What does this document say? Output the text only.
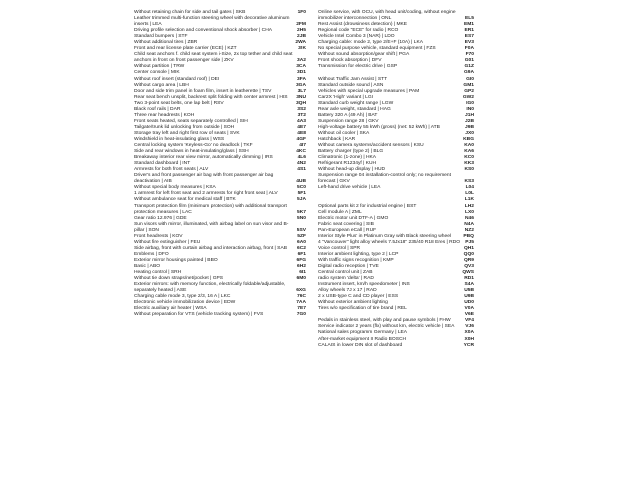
Without retaining chain for side and tail gates | SKB	1F0
Leather trimmed multi-function steering wheel with decorative aluminum inserts | LEA	2FM
Driving profile selection and conventional shock absorber | CHA	2H5
Standard bumpers | STF	2JB
Without additional tires | ZBR	2WA
Front and rear license plate carrier (ECE) | KZT	3!K
Child seat anchors f. child seat system i-Size, 2x top tether and child seat anchors in front on front passenger side | ZKV	3A2
Without partition | TRW	3CA
Center console | MIK	3D1
Without roof insert (standard roof) | DEI	3FA
Without cargo area | LBH	3GA
Door and side trim panel in foam film, insert in leatherette | TSV	3L7
Rear seat bench unsplit, backrest split folding with center armrest | HIS	3NU
Two 3-point seat belts, one lap belt | RSV	3QH
Black roof rails | DAR	3S2
Three rear headrests | KOH	3T2
Front seats heated, seats separately controlled | SIH	4A3
Tailgate/trunk lid unlocking from outside | SOH	4E7
Storage tray left and right first row of seats | SVK	4E8
Windshield in heat-insulating glass | WSS	4GF
Central locking system 'Keyless-Go' no deadlock | TKF	4I7
Side and rear windows in heat-insulating/glass | SSH	4KC
Breakaway interior rear view mirror, automatically dimming | IRS	4L6
Standard dashboard | INT	4N2
Armrests for both front seats | ALV	4S1
Driver's and front passenger air bag with front passenger air bag deactivation | AIB	4UB
Without special body measures | KSA	5C0
1 armrest for left front seat and 2 armrests for right front seat | ALV	5F1
Without ambulance seat for medical staff | BTK	5JA
Transport protection film (minimum protection) with additional transport protection measures | LAC	5K7
Gear ratio 12.976 | GDE	5N0
Sun visors with mirror, illuminated, with airbag label on sun visor and B-pillar | SON	5SV
Front headrests | KOV	5ZF
Without fire extinguisher | FEU	6A0
Side airbag, front with curtain airbag and interaction airbag, front | SAB	6C2
Emblems | DFO	6F1
Exterior mirror housings painted | BBO	6FG
Basic | ABO	6H2
Heating control | SRH	6I1
Without tie down straps/net/pocket | GPS	6M0
Exterior mirrors: with memory function, electrically foldable/adjustable, separately heated | ASE	6XG
Charging cable mode 3, type 2/3, 16 A | LKC	76C
Electronic vehicle immobilization device | EDW	7AA
Electric auxiliary air heater | WSA	7E7
Without preparation for VTS (vehicle tracking system) | FVS	7G0
Online service, with OCU, with head unit/coding, without engine immobilizer interconnection | ONL	EL5
Rest Assist (drowsiness detection) | MKE	EM1
Regional code "ECE" for radio | RCO	ER1
Vehicle Intel Combo 3 (NAR) | LDO	ES7
Charging cable: mode 2, type 2/E+F (10A) | LKA	EV3
No special purpose vehicle, standard equipment | FZS	F0A
Without sound absorption/gear shift | PGA	F70
Front shock absorption | DFV	G01
Transmission for electric drive | GSP	G1Z
G9A
Without Traffic Jam Assist | STT	GI0
Standard outside sound | ASN	GM1
Vehicles with special upgrade measures | PAM	GP2
Car2X 'High' variant | LGI	GW2
Standard curb weight range | LGW	IG0
Rear axle weight, standard | HAG	IN0
Battery 320 A (49 Ah) | BAT	J1H
Suspension range 28 | GKV	J2B
High-voltage battery 55 kWh (gross) (net: 52 kWh) | ATB	J9B
Without oil cooler | SKA	JX0
Hatchback | KAR	KBG
Without camera systems/accident sensors | KSU	KA0
Battery charger (type 2) | BLG	KA6
Climatronic (1-zone) | HKA	KC0
Refrigerant R1234yf | KUH	KK3
Without head-up display | HUD	KS0
Suspension range 04 installation-control only; no requirement forecast | GKV	KS3
Left-hand drive vehicle | LEA	L04
L0L
L1K
Optional parts kit 2 for industrial engine | BST	LH2
Cell module A | ZML	LX0
Electric motor unit DTF-A | GMO	N46
Fabric seat covering | SIB	N4A
Pan-European eCall | RUF	NZ2
Interior Style Plus' in Platinum Gray with Black steering wheel	PBQ
4 "Vancouver" light alloy wheels 7.5Jx18" 235/40 R18 Eres | RDO	PJ5
Voice control | SPR	QH1
Interior ambient lighting, type 2 | LCP	QQ0
With traffic signs recognition | KMP	QR9
Digital radio reception | TVE	QV3
Central control unit | ZAB	QWS
radio system 'delta' | RAD	RD1
Instrument insert, km/h speedometer | INS	S4A
Alloy wheels 7J x 17 | RAD	U5B
2 x USB-type C and CD player | ESS	U9B
Without exterior ambient lighting	UD0
Tires w/o specification of tire brand | REL	V0A
V6E
Pedals in stainless steel, with play and pause symbols | FHW	VF4
Service indicator 2 years (flx) without km, electric vehicle | SEA	VJ6
National sales programm Germany | LEA	X0A
After-market equipment II Radio BOSCH	X0H
CALAIS in lower DIN slot of dashboard	YCR
